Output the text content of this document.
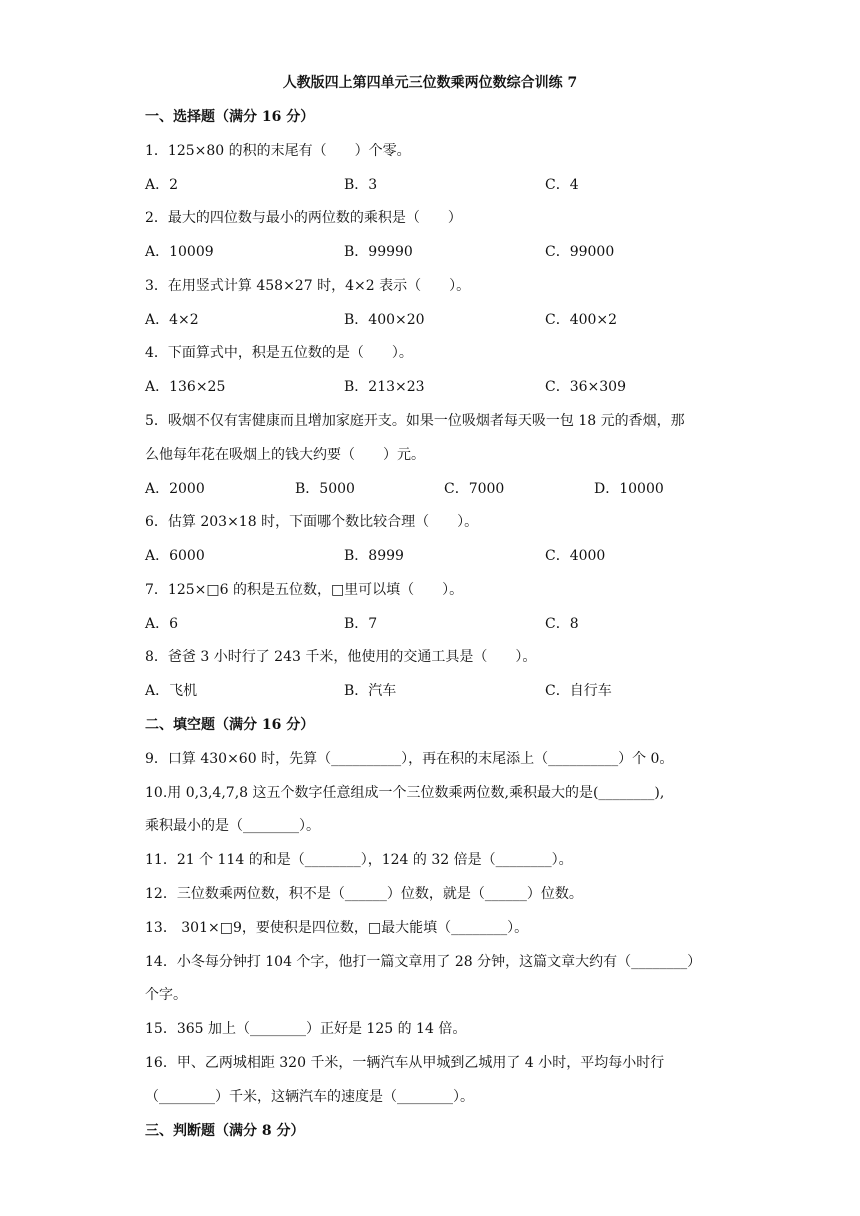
人教版四上第四单元三位数乘两位数综合训练 7
一、选择题（满分 16 分）
1．125×80 的积的末尾有（　　）个零。
A．2	B．3	C．4
2．最大的四位数与最小的两位数的乘积是（　　）
A．10009	B．99990	C．99000
3．在用竖式计算 458×27 时，4×2 表示（　　）。
A．4×2	B．400×20	C．400×2
4．下面算式中，积是五位数的是（　　）。
A．136×25	B．213×23	C．36×309
5．吸烟不仅有害健康而且增加家庭开支。如果一位吸烟者每天吸一包 18 元的香烟，那
么他每年花在吸烟上的钱大约要（　　）元。
A．2000	B．5000	C．7000	D．10000
6．估算 203×18 时，下面哪个数比较合理（　　）。
A．6000	B．8999	C．4000
7．125×□6 的积是五位数，□里可以填（　　）。
A．6	B．7	C．8
8．爸爸 3 小时行了 243 千米，他使用的交通工具是（　　）。
A．飞机	B．汽车	C．自行车
二、填空题（满分 16 分）
9．口算 430×60 时，先算（__________），再在积的末尾添上（__________）个 0。
10.用 0,3,4,7,8 这五个数字任意组成一个三位数乘两位数,乘积最大的是(________),
乘积最小的是（________）。
11．21 个 114 的和是（________），124 的 32 倍是（________）。
12．三位数乘两位数，积不是（______）位数，就是（______）位数。
13． 301×□9，要使积是四位数，□最大能填（________）。
14．小冬每分钟打 104 个字，他打一篇文章用了 28 分钟，这篇文章大约有（________）
个字。
15．365 加上（________）正好是 125 的 14 倍。
16．甲、乙两城相距 320 千米，一辆汽车从甲城到乙城用了 4 小时，平均每小时行
（________）千米，这辆汽车的速度是（________）。
三、判断题（满分 8 分）
